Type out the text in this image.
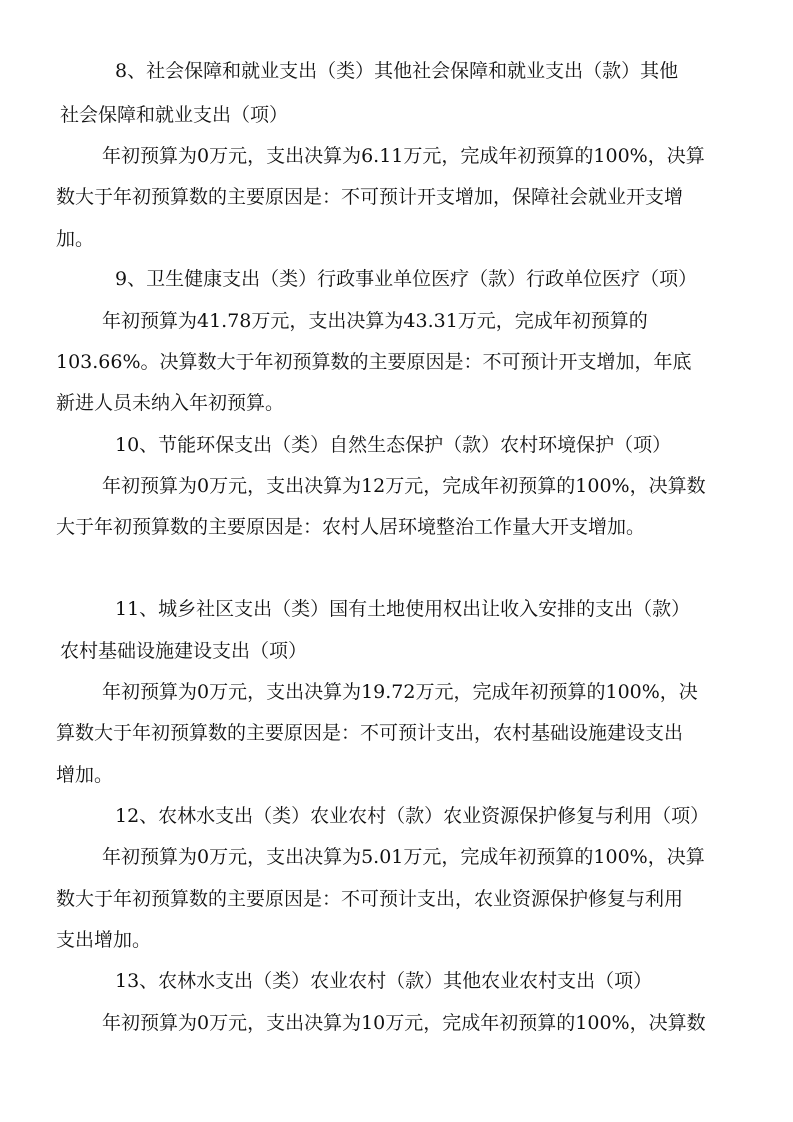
8、社会保障和就业支出（类）其他社会保障和就业支出（款）其他
社会保障和就业支出（项）
年初预算为0万元，支出决算为6.11万元，完成年初预算的100%，决算
数大于年初预算数的主要原因是：不可预计开支增加，保障社会就业开支增
加。
9、卫生健康支出（类）行政事业单位医疗（款）行政单位医疗（项）
年初预算为41.78万元，支出决算为43.31万元，完成年初预算的
103.66%。决算数大于年初预算数的主要原因是：不可预计开支增加，年底
新进人员未纳入年初预算。
10、节能环保支出（类）自然生态保护（款）农村环境保护（项）
年初预算为0万元，支出决算为12万元，完成年初预算的100%，决算数
大于年初预算数的主要原因是：农村人居环境整治工作量大开支增加。
11、城乡社区支出（类）国有土地使用权出让收入安排的支出（款）
农村基础设施建设支出（项）
年初预算为0万元，支出决算为19.72万元，完成年初预算的100%，决
算数大于年初预算数的主要原因是：不可预计支出，农村基础设施建设支出
增加。
12、农林水支出（类）农业农村（款）农业资源保护修复与利用（项）
年初预算为0万元，支出决算为5.01万元，完成年初预算的100%，决算
数大于年初预算数的主要原因是：不可预计支出，农业资源保护修复与利用
支出增加。
13、农林水支出（类）农业农村（款）其他农业农村支出（项）
年初预算为0万元，支出决算为10万元，完成年初预算的100%，决算数
